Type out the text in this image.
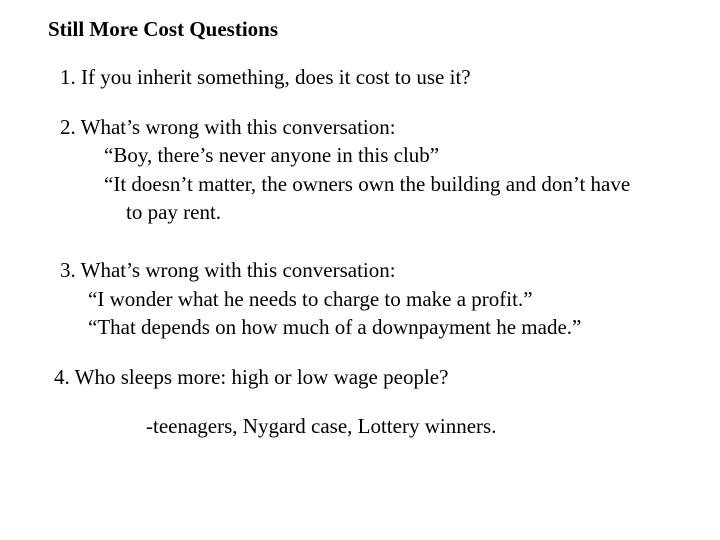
Still More Cost Questions
1. If you inherit something, does it cost to use it?
2. What’s wrong with this conversation:
“Boy, there’s never anyone in this club”
“It doesn’t matter, the owners own the building and don’t have
to pay rent.
3. What’s wrong with this conversation:
“I wonder what he needs to charge to make a profit.”
“That depends on how much of a downpayment he made.”
4. Who sleeps more: high or low wage people?
-teenagers, Nygard case, Lottery winners.
